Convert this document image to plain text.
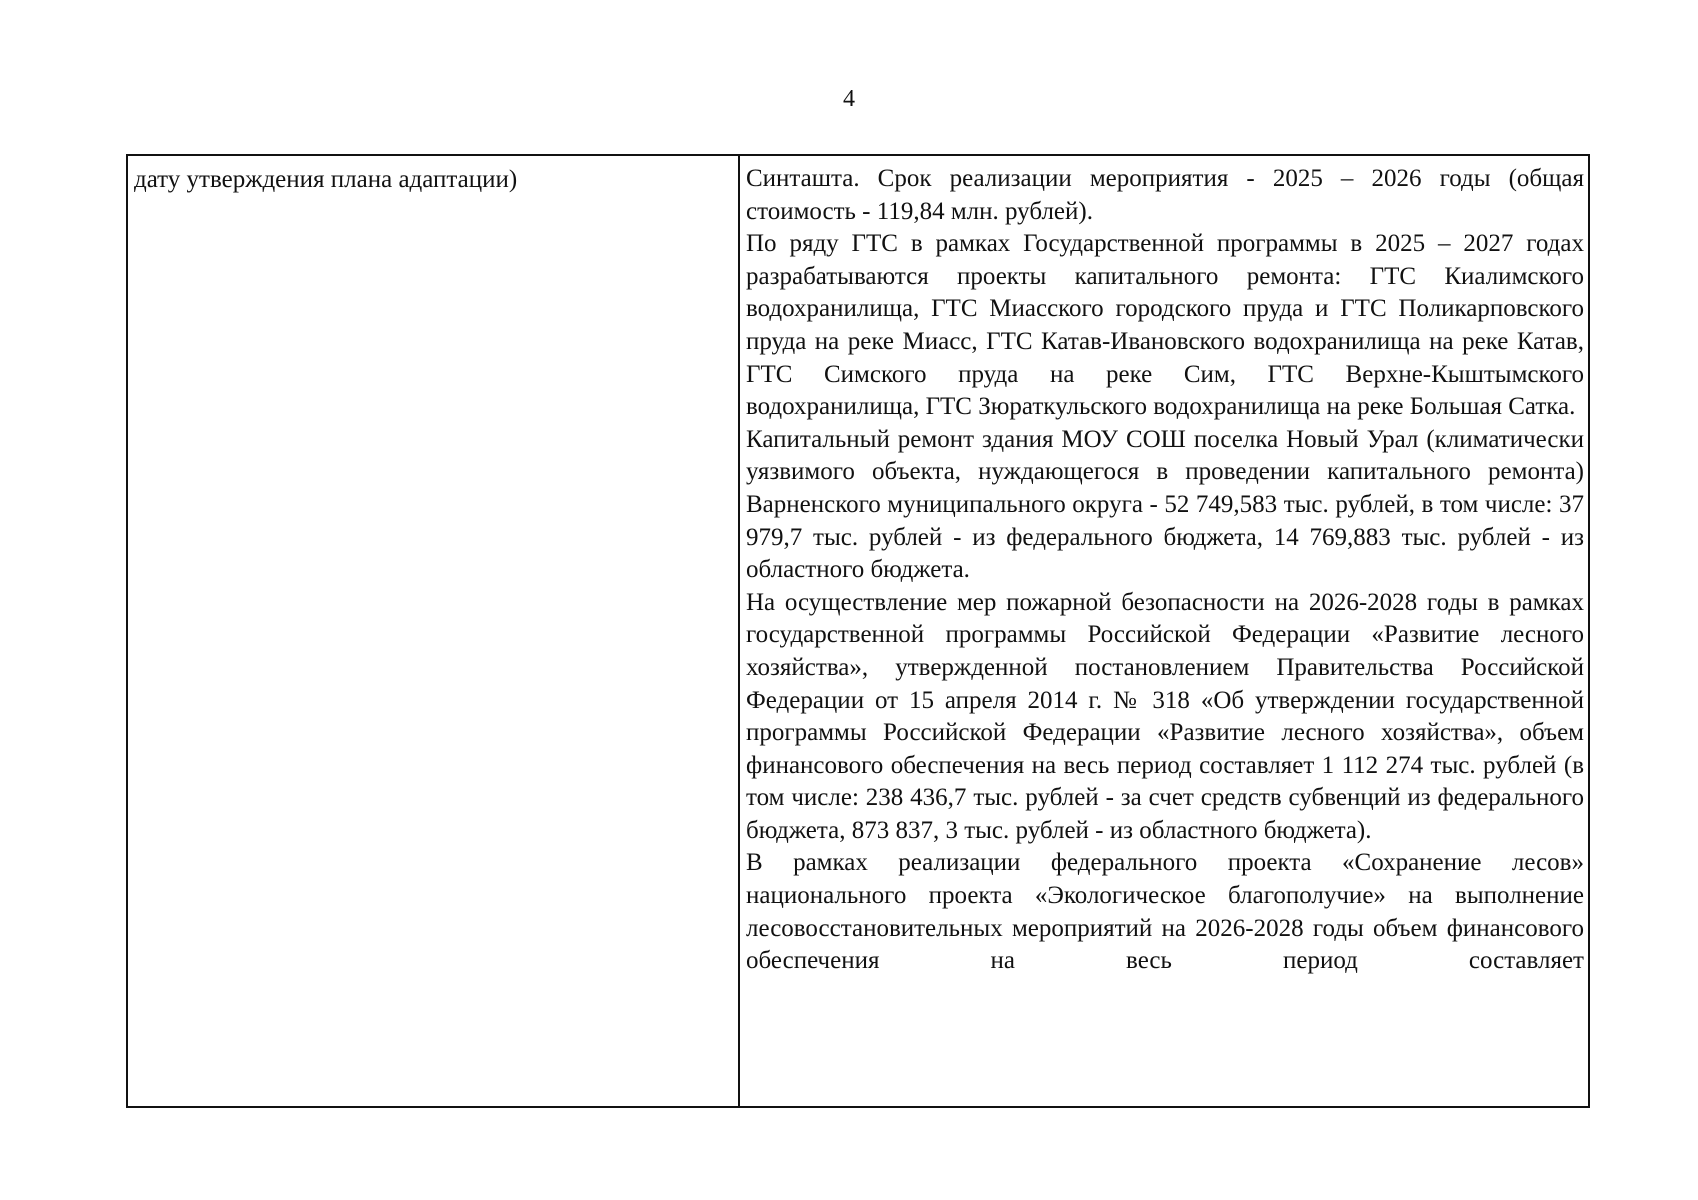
4

дату утверждения плана адаптации)	Синташта. Срок реализации мероприятия - 2025 – 2026 годы (общая стоимость - 119,84 млн. рублей).

По ряду ГТС в рамках Государственной программы в 2025 – 2027 годах разрабатываются проекты капитального ремонта: ГТС Киалимского водохранилища, ГТС Миасского городского пруда и ГТС Поликарповского пруда на реке Миасс, ГТС Катав-Ивановского водохранилища на реке Катав, ГТС Симского пруда на реке Сим, ГТС Верхне-Кыштымского водохранилища, ГТС Зюраткульского водохранилища на реке Большая Сатка.

Капитальный ремонт здания МОУ СОШ поселка Новый Урал (климатически уязвимого объекта, нуждающегося в проведении капитального ремонта) Варненского муниципального округа - 52 749,583 тыс. рублей, в том числе: 37 979,7 тыс. рублей - из федерального бюджета, 14 769,883 тыс. рублей - из областного бюджета.

На осуществление мер пожарной безопасности на 2026-2028 годы в рамках государственной программы Российской Федерации «Развитие лесного хозяйства», утвержденной постановлением Правительства Российской Федерации от 15 апреля 2014 г. № 318 «Об утверждении государственной программы Российской Федерации «Развитие лесного хозяйства», объем финансового обеспечения на весь период составляет 1 112 274 тыс. рублей (в том числе: 238 436,7 тыс. рублей - за счет средств субвенций из федерального бюджета, 873 837, 3 тыс. рублей - из областного бюджета).

В рамках реализации федерального проекта «Сохранение лесов» национального проекта «Экологическое благополучие» на выполнение лесовосстановительных мероприятий на 2026-2028 годы объем финансового обеспечения на весь период составляет
